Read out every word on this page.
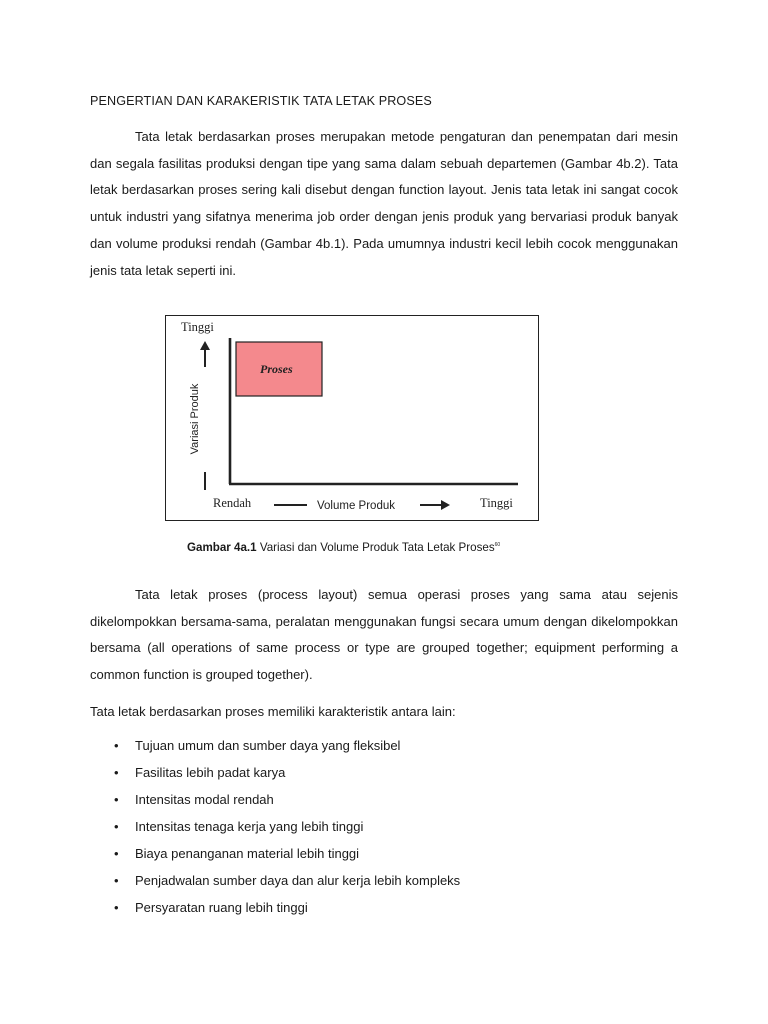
PENGERTIAN DAN KARAKERISTIK TATA LETAK PROSES

Tata letak berdasarkan proses merupakan metode pengaturan dan penempatan dari mesin dan segala fasilitas produksi dengan tipe yang sama dalam sebuah departemen (Gambar 4b.2). Tata letak berdasarkan proses sering kali disebut dengan function layout. Jenis tata letak ini sangat cocok untuk industri yang sifatnya menerima job order dengan jenis produk yang bervariasi produk banyak dan volume produksi rendah (Gambar 4b.1). Pada umumnya industri kecil lebih cocok menggunakan jenis tata letak seperti ini.

Tinggi
Proses
Variasi Produk
Rendah	Volume Produk	Tinggi
Gambar 4a.1 Variasi dan Volume Produk Tata Letak Proses$^{60}$

Tata letak proses (process layout) semua operasi proses yang sama atau sejenis dikelompokkan bersama-sama, peralatan menggunakan fungsi secara umum dengan dikelompokkan bersama (all operations of same process or type are grouped together; equipment performing a common function is grouped together).

Tata letak berdasarkan proses memiliki karakteristik antara lain:
• Tujuan umum dan sumber daya yang fleksibel
• Fasilitas lebih padat karya
• Intensitas modal rendah
• Intensitas tenaga kerja yang lebih tinggi
• Biaya penanganan material lebih tinggi
• Penjadwalan sumber daya dan alur kerja lebih kompleks
• Persyaratan ruang lebih tinggi
